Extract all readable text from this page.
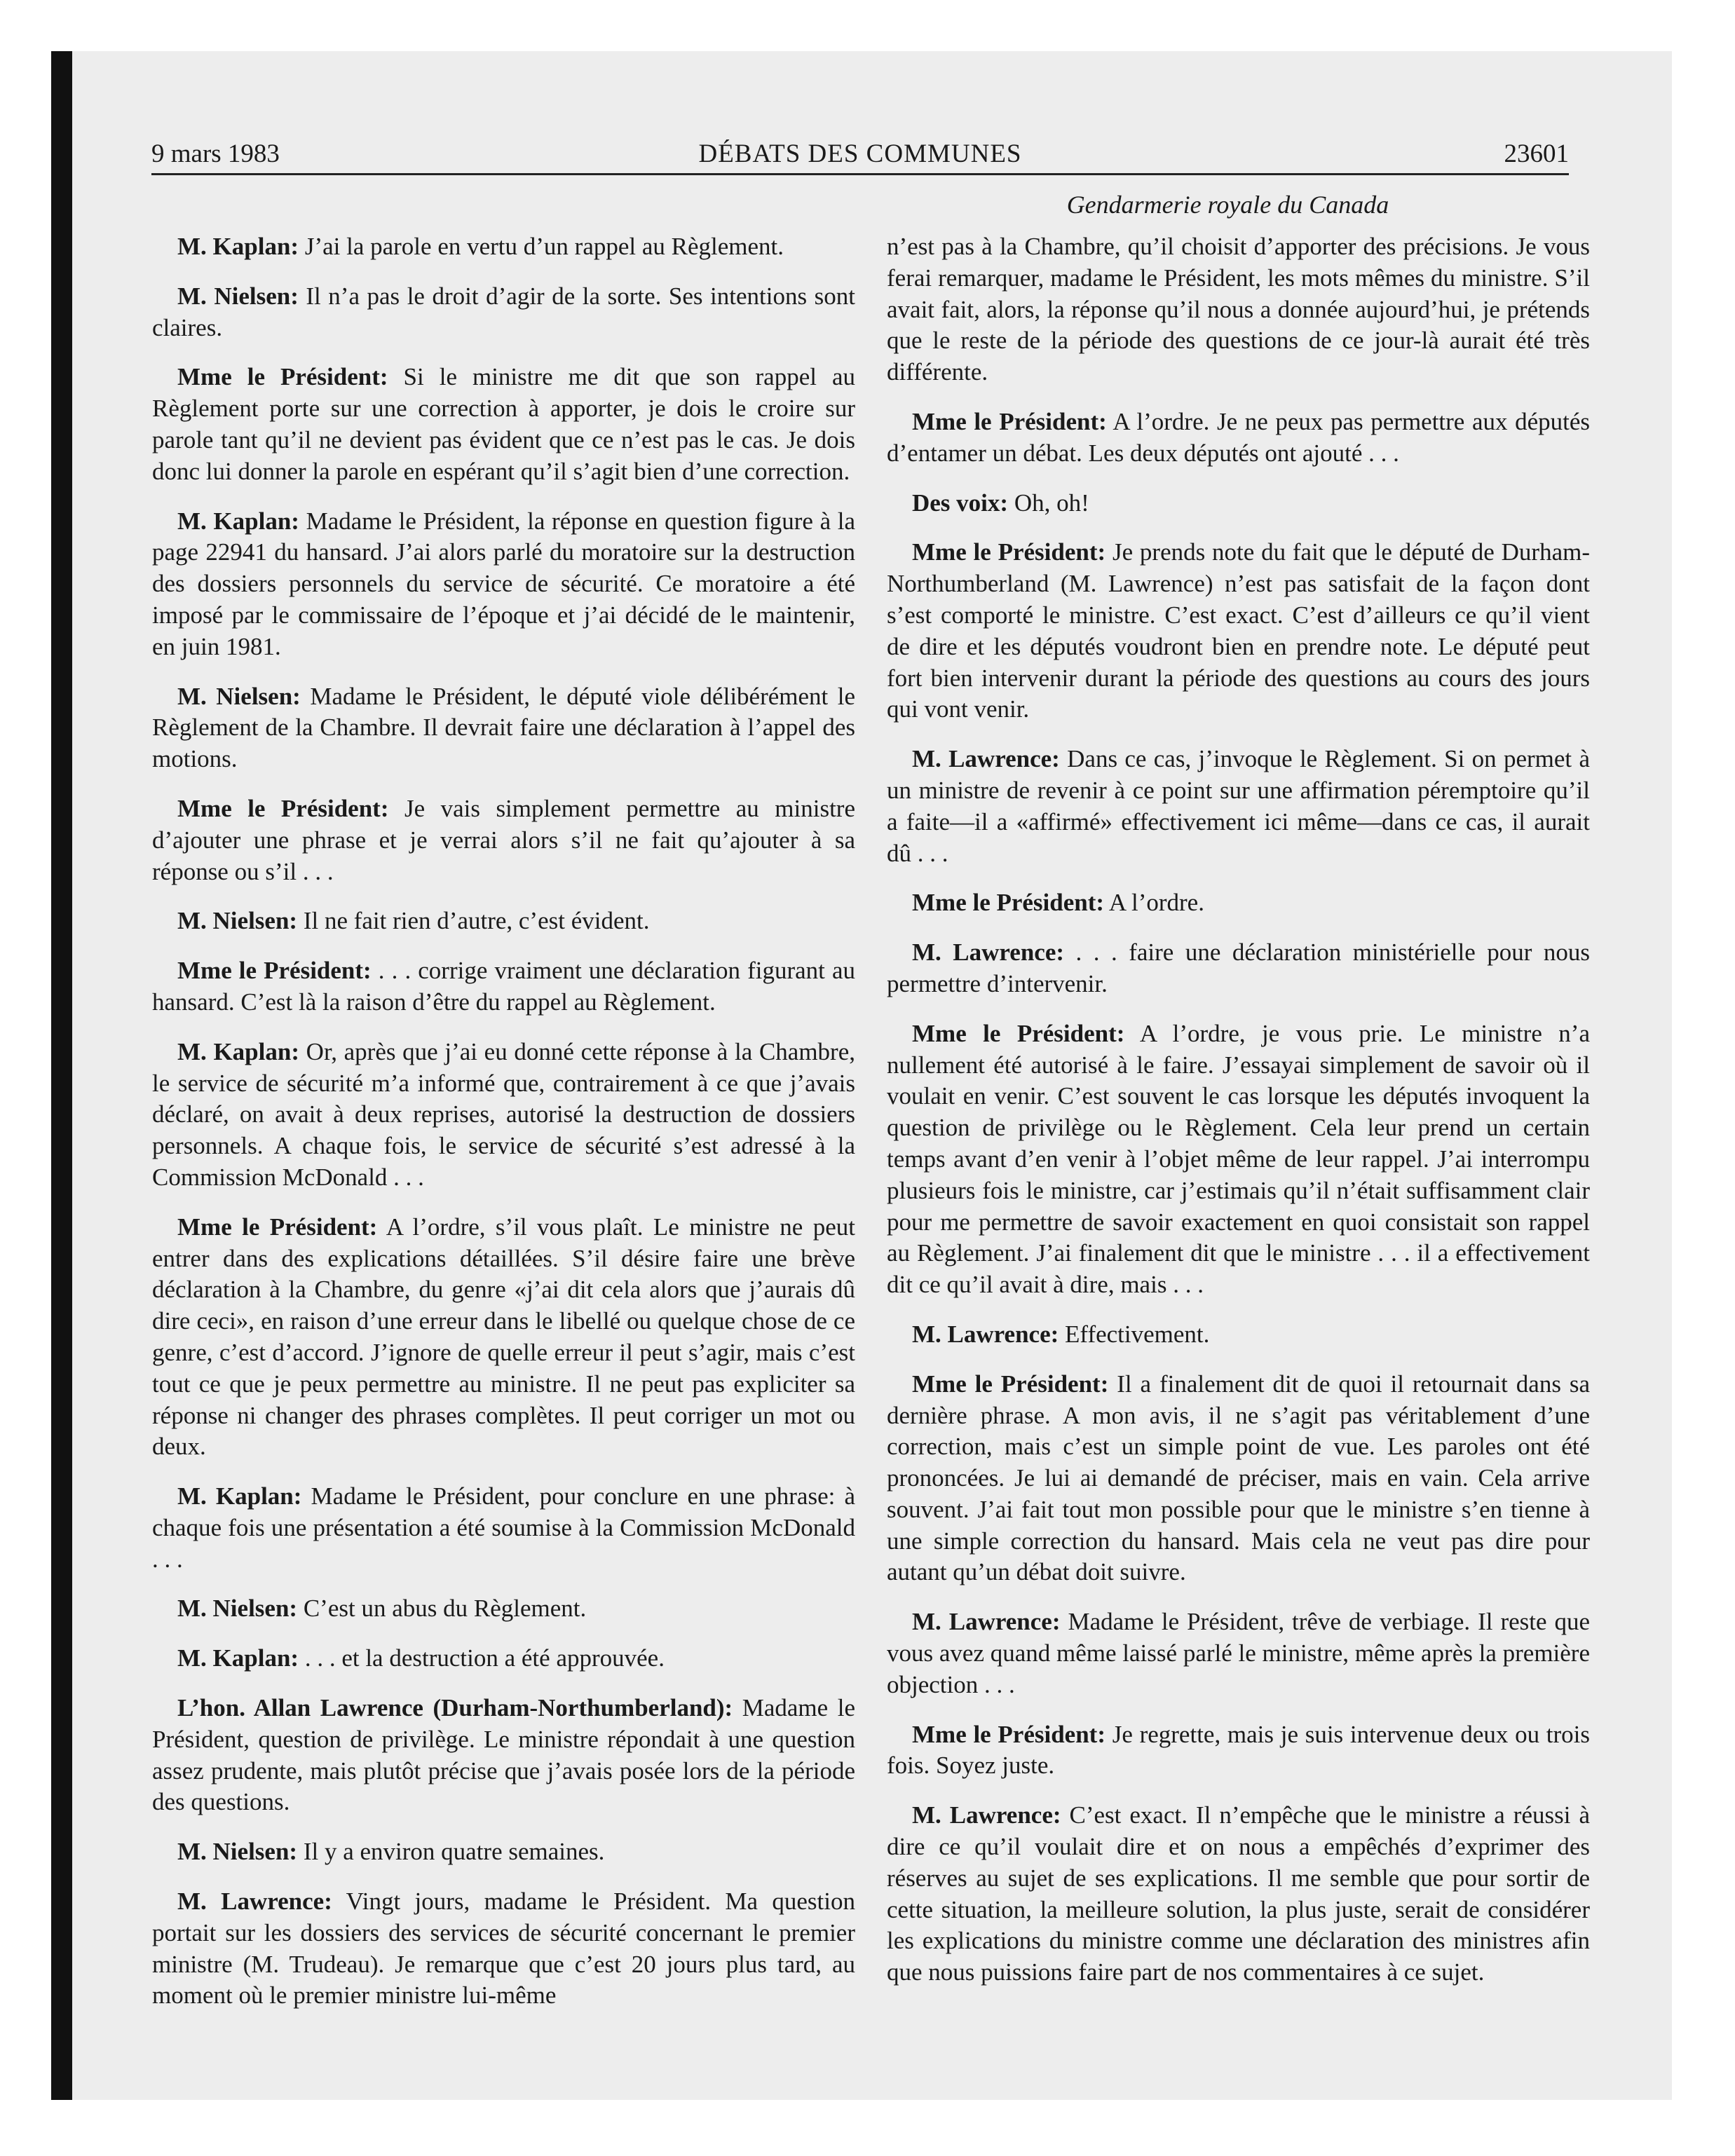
DÉBATS DES COMMUNES
9 mars 1983	23601
Gendarmerie royale du Canada

M. Kaplan: J’ai la parole en vertu d’un rappel au Règlement.

M. Nielsen: Il n’a pas le droit d’agir de la sorte. Ses intentions sont claires.

Mme le Président: Si le ministre me dit que son rappel au Règlement porte sur une correction à apporter, je dois le croire sur parole tant qu’il ne devient pas évident que ce n’est pas le cas. Je dois donc lui donner la parole en espérant qu’il s’agit bien d’une correction.

M. Kaplan: Madame le Président, la réponse en question figure à la page 22941 du hansard. J’ai alors parlé du moratoire sur la destruction des dossiers personnels du service de sécurité. Ce moratoire a été imposé par le commissaire de l’époque et j’ai décidé de le maintenir, en juin 1981.

M. Nielsen: Madame le Président, le député viole délibérément le Règlement de la Chambre. Il devrait faire une déclaration à l’appel des motions.

Mme le Président: Je vais simplement permettre au ministre d’ajouter une phrase et je verrai alors s’il ne fait qu’ajouter à sa réponse ou s’il . . .

M. Nielsen: Il ne fait rien d’autre, c’est évident.

Mme le Président: . . . corrige vraiment une déclaration figurant au hansard. C’est là la raison d’être du rappel au Règlement.

M. Kaplan: Or, après que j’ai eu donné cette réponse à la Chambre, le service de sécurité m’a informé que, contrairement à ce que j’avais déclaré, on avait à deux reprises, autorisé la destruction de dossiers personnels. A chaque fois, le service de sécurité s’est adressé à la Commission McDonald . . .

Mme le Président: A l’ordre, s’il vous plaît. Le ministre ne peut entrer dans des explications détaillées. S’il désire faire une brève déclaration à la Chambre, du genre «j’ai dit cela alors que j’aurais dû dire ceci», en raison d’une erreur dans le libellé ou quelque chose de ce genre, c’est d’accord. J’ignore de quelle erreur il peut s’agir, mais c’est tout ce que je peux permettre au ministre. Il ne peut pas expliciter sa réponse ni changer des phrases complètes. Il peut corriger un mot ou deux.

M. Kaplan: Madame le Président, pour conclure en une phrase: à chaque fois une présentation a été soumise à la Commission McDonald . . .

M. Nielsen: C’est un abus du Règlement.

M. Kaplan: . . . et la destruction a été approuvée.

L’hon. Allan Lawrence (Durham-Northumberland): Madame le Président, question de privilège. Le ministre répondait à une question assez prudente, mais plutôt précise que j’avais posée lors de la période des questions.

M. Nielsen: Il y a environ quatre semaines.

M. Lawrence: Vingt jours, madame le Président. Ma question portait sur les dossiers des services de sécurité concernant le premier ministre (M. Trudeau). Je remarque que c’est 20 jours plus tard, au moment où le premier ministre lui-même

n’est pas à la Chambre, qu’il choisit d’apporter des précisions. Je vous ferai remarquer, madame le Président, les mots mêmes du ministre. S’il avait fait, alors, la réponse qu’il nous a donnée aujourd’hui, je prétends que le reste de la période des questions de ce jour-là aurait été très différente.

Mme le Président: A l’ordre. Je ne peux pas permettre aux députés d’entamer un débat. Les deux députés ont ajouté . . .

Des voix: Oh, oh!

Mme le Président: Je prends note du fait que le député de Durham-Northumberland (M. Lawrence) n’est pas satisfait de la façon dont s’est comporté le ministre. C’est exact. C’est d’ailleurs ce qu’il vient de dire et les députés voudront bien en prendre note. Le député peut fort bien intervenir durant la période des questions au cours des jours qui vont venir.

M. Lawrence: Dans ce cas, j’invoque le Règlement. Si on permet à un ministre de revenir à ce point sur une affirmation péremptoire qu’il a faite—il a «affirmé» effectivement ici même—dans ce cas, il aurait dû . . .

Mme le Président: A l’ordre.

M. Lawrence: . . . faire une déclaration ministérielle pour nous permettre d’intervenir.

Mme le Président: A l’ordre, je vous prie. Le ministre n’a nullement été autorisé à le faire. J’essayai simplement de savoir où il voulait en venir. C’est souvent le cas lorsque les députés invoquent la question de privilège ou le Règlement. Cela leur prend un certain temps avant d’en venir à l’objet même de leur rappel. J’ai interrompu plusieurs fois le ministre, car j’estimais qu’il n’était suffisamment clair pour me permettre de savoir exactement en quoi consistait son rappel au Règlement. J’ai finalement dit que le ministre . . . il a effectivement dit ce qu’il avait à dire, mais . . .

M. Lawrence: Effectivement.

Mme le Président: Il a finalement dit de quoi il retournait dans sa dernière phrase. A mon avis, il ne s’agit pas véritablement d’une correction, mais c’est un simple point de vue. Les paroles ont été prononcées. Je lui ai demandé de préciser, mais en vain. Cela arrive souvent. J’ai fait tout mon possible pour que le ministre s’en tienne à une simple correction du hansard. Mais cela ne veut pas dire pour autant qu’un débat doit suivre.

M. Lawrence: Madame le Président, trêve de verbiage. Il reste que vous avez quand même laissé parlé le ministre, même après la première objection . . .

Mme le Président: Je regrette, mais je suis intervenue deux ou trois fois. Soyez juste.

M. Lawrence: C’est exact. Il n’empêche que le ministre a réussi à dire ce qu’il voulait dire et on nous a empêchés d’exprimer des réserves au sujet de ses explications. Il me semble que pour sortir de cette situation, la meilleure solution, la plus juste, serait de considérer les explications du ministre comme une déclaration des ministres afin que nous puissions faire part de nos commentaires à ce sujet.
